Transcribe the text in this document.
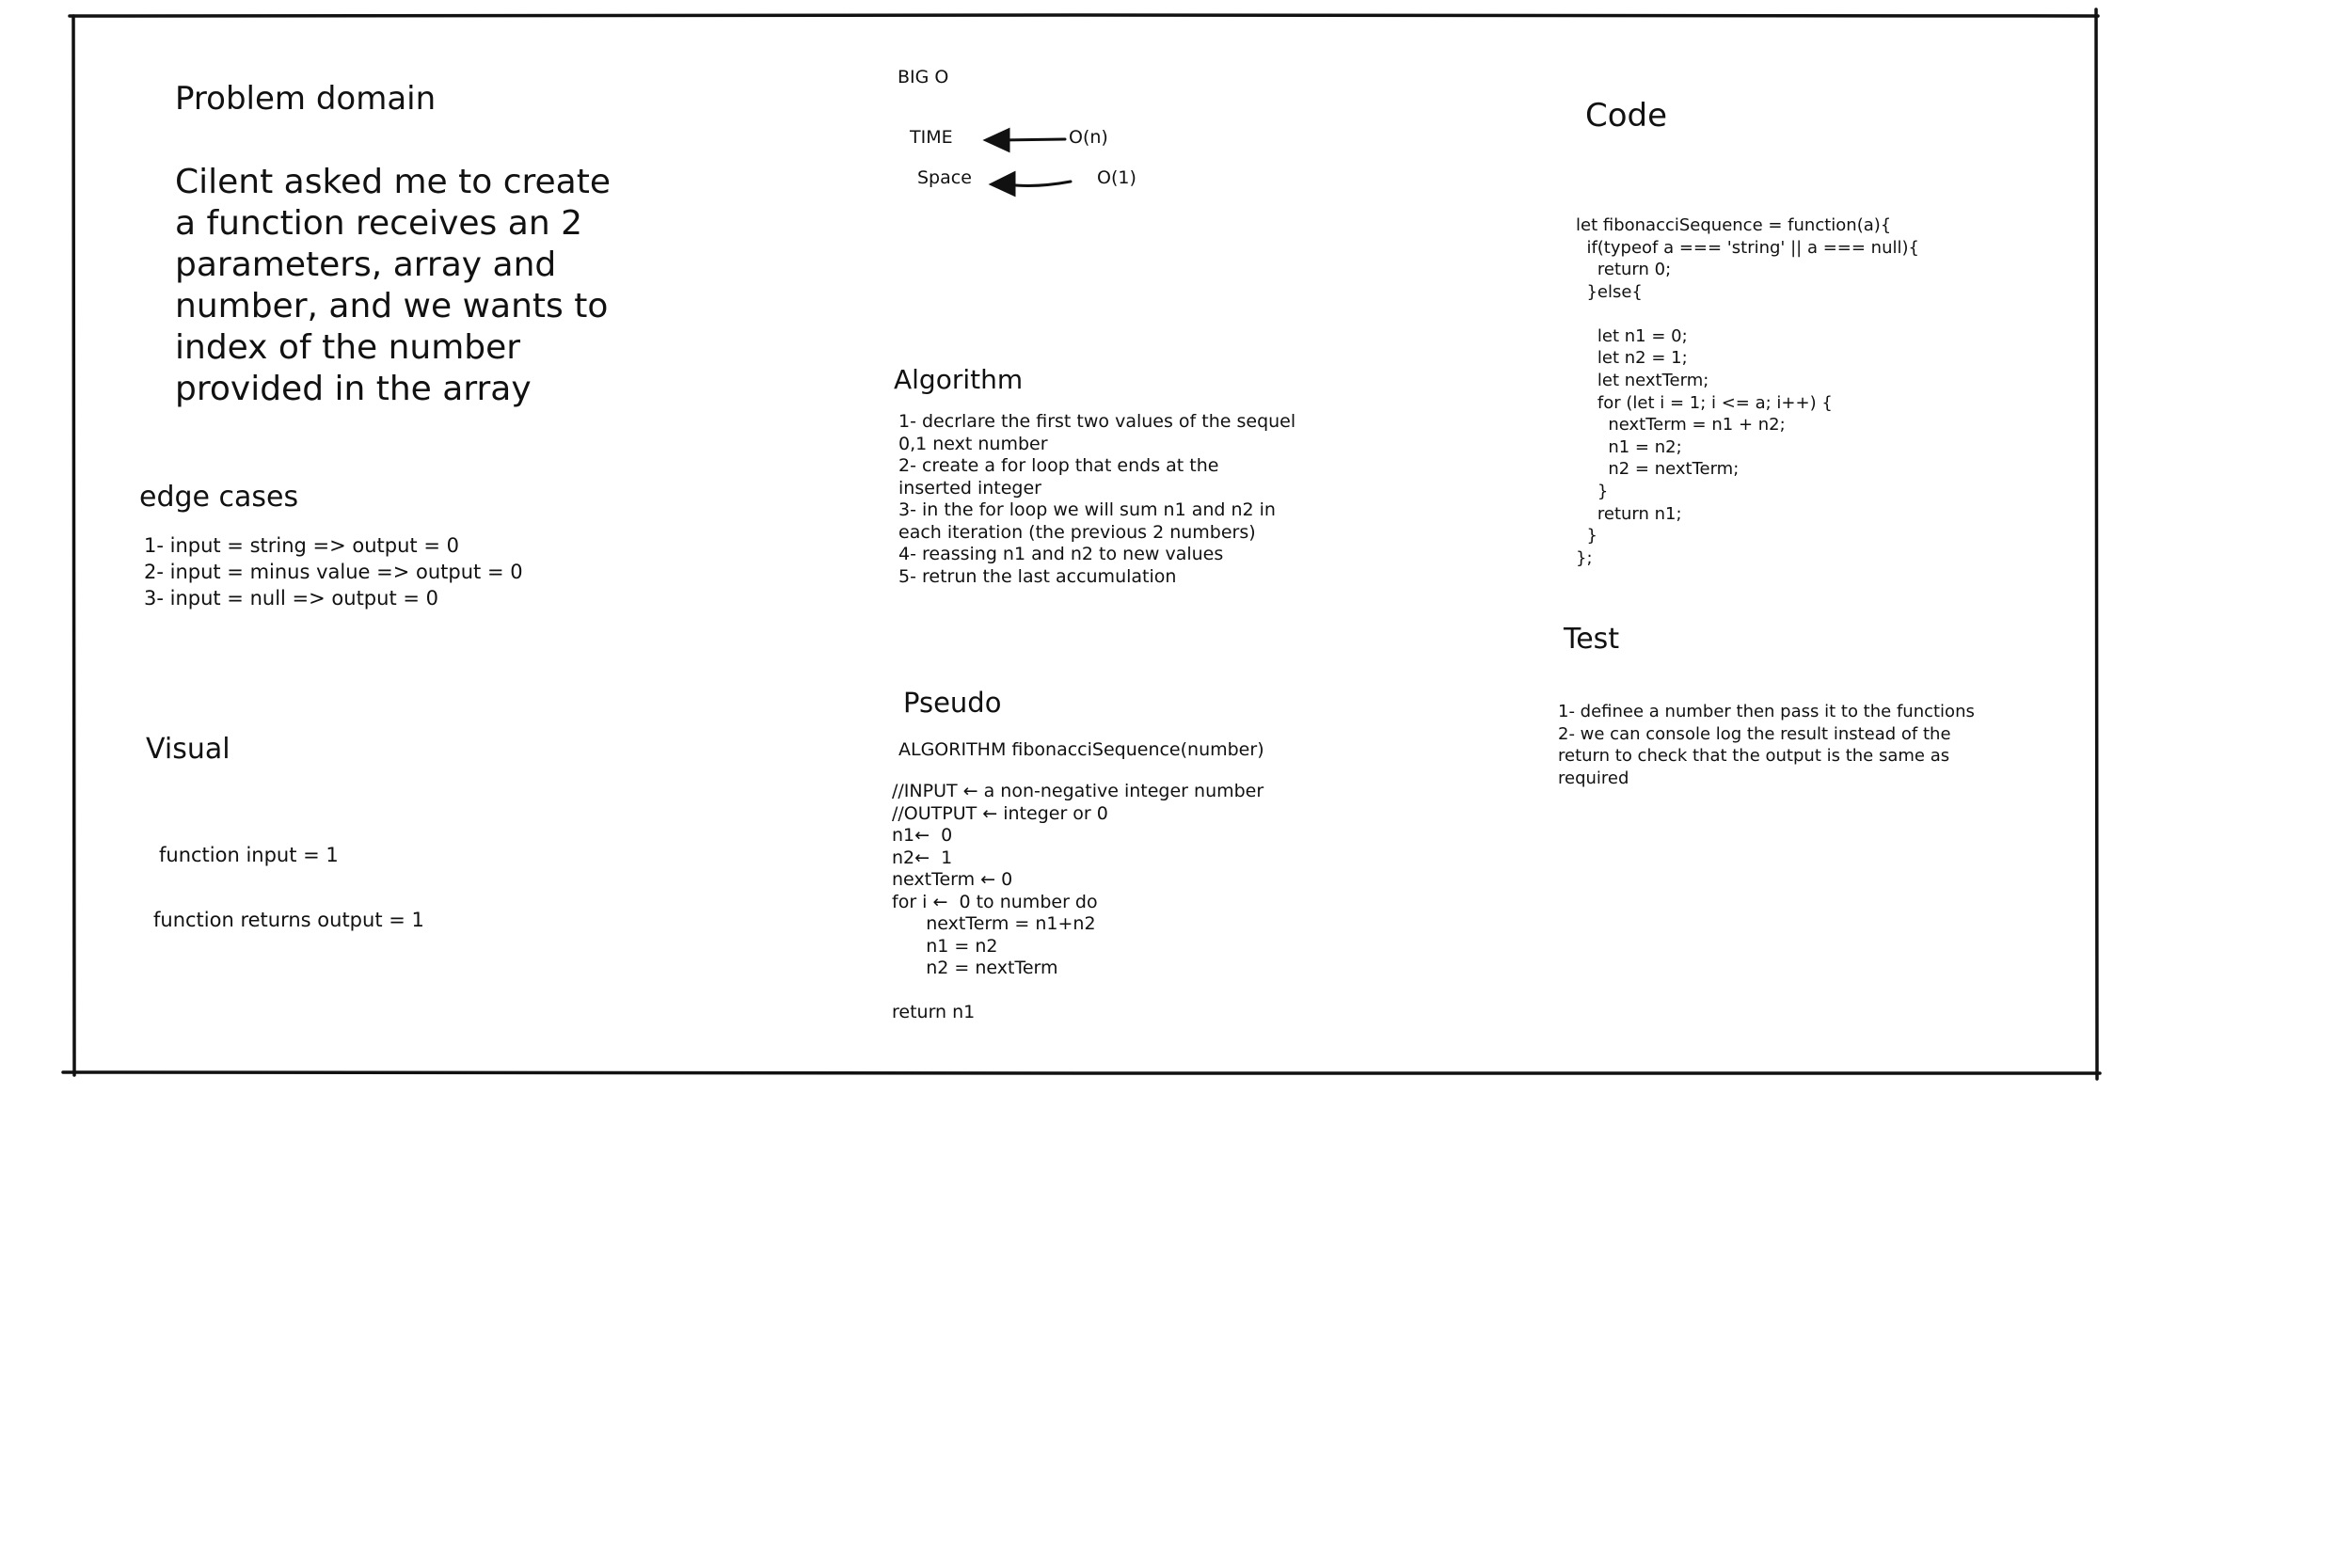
Problem domain
Cilent asked me to create
a function receives an 2
parameters, array and
number, and we wants to
index of the number
provided in the array
edge cases
1- input = string => output = 0
2- input = minus value => output = 0
3- input = null => output = 0
Visual
function input = 1
function returns output = 1
BIG O
TIME	O(n)
Space	O(1)
Algorithm
1- decrlare the first two values of the sequel
0,1 next number
2- create a for loop that ends at the
inserted integer
3- in the for loop we will sum n1 and n2 in
each iteration (the previous 2 numbers)
4- reassing n1 and n2 to new values
5- retrun the last accumulation
Pseudo
ALGORITHM fibonacciSequence(number)
//INPUT ← a non-negative integer number
//OUTPUT ← integer or 0
n1←  0
n2←  1
nextTerm ← 0
for i ←  0 to number do
nextTerm = n1+n2
n1 = n2
n2 = nextTerm

return n1
Code
let fibonacciSequence = function(a){
if(typeof a === 'string' || a === null){
return 0;
}else{

let n1 = 0;
let n2 = 1;
let nextTerm;
for (let i = 1; i <= a; i++) {
nextTerm = n1 + n2;
n1 = n2;
n2 = nextTerm;
}
return n1;
}
};
Test
1- definee a number then pass it to the functions
2- we can console log the result instead of the
return to check that the output is the same as
required
